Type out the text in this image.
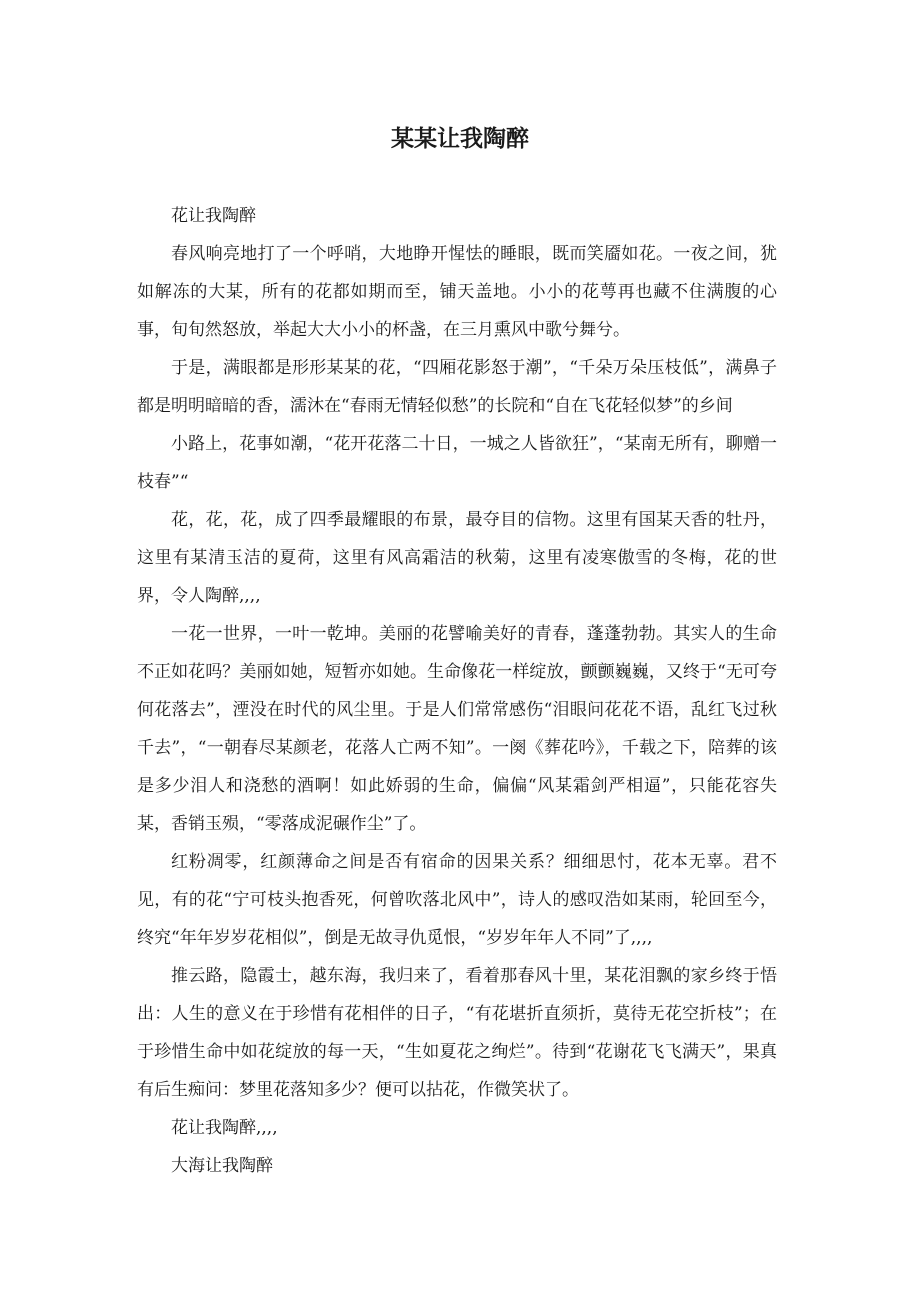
某某让我陶醉

花让我陶醉

春风响亮地打了一个呼哨，大地睁开惺怯的睡眼，既而笑靥如花。一夜之间，犹如解冻的大某，所有的花都如期而至，铺天盖地。小小的花萼再也藏不住满腹的心事，旬旬然怒放，举起大大小小的杯盏，在三月熏风中歌兮舞兮。

于是，满眼都是形形某某的花，“四厢花影怒于潮”，“千朵万朵压枝低”，满鼻子都是明明暗暗的香，濡沐在“春雨无情轻似愁”的长院和“自在飞花轻似梦”的乡间

小路上，花事如潮，“花开花落二十日，一城之人皆欲狂”，“某南无所有，聊赠一枝春”“

花，花，花，成了四季最耀眼的布景，最夺目的信物。这里有国某天香的牡丹，这里有某清玉洁的夏荷，这里有风高霜洁的秋菊，这里有凌寒傲雪的冬梅，花的世界，令人陶醉,,,,

一花一世界，一叶一乾坤。美丽的花譬喻美好的青春，蓬蓬勃勃。其实人的生命不正如花吗？美丽如她，短暂亦如她。生命像花一样绽放，颤颤巍巍，又终于“无可夸何花落去”，湮没在时代的风尘里。于是人们常常感伤“泪眼问花花不语，乱红飞过秋千去”，“一朝春尽某颜老，花落人亡两不知”。一阕《葬花吟》，千载之下，陪葬的该是多少泪人和浇愁的酒啊！如此娇弱的生命，偏偏“风某霜剑严相逼”，只能花容失某，香销玉殒，“零落成泥碾作尘”了。

红粉凋零，红颜薄命之间是否有宿命的因果关系？细细思忖，花本无辜。君不见，有的花“宁可枝头抱香死，何曾吹落北风中”，诗人的感叹浩如某雨，轮回至今，终究“年年岁岁花相似”，倒是无故寻仇觅恨，“岁岁年年人不同”了,,,,

推云路，隐霞士，越东海，我归来了，看着那春风十里，某花泪飘的家乡终于悟出：人生的意义在于珍惜有花相伴的日子，“有花堪折直须折，莫待无花空折枝”；在于珍惜生命中如花绽放的每一天，“生如夏花之绚烂”。待到“花谢花飞飞满天”，果真有后生痴问：梦里花落知多少？便可以拈花，作微笑状了。

花让我陶醉,,,,

大海让我陶醉
